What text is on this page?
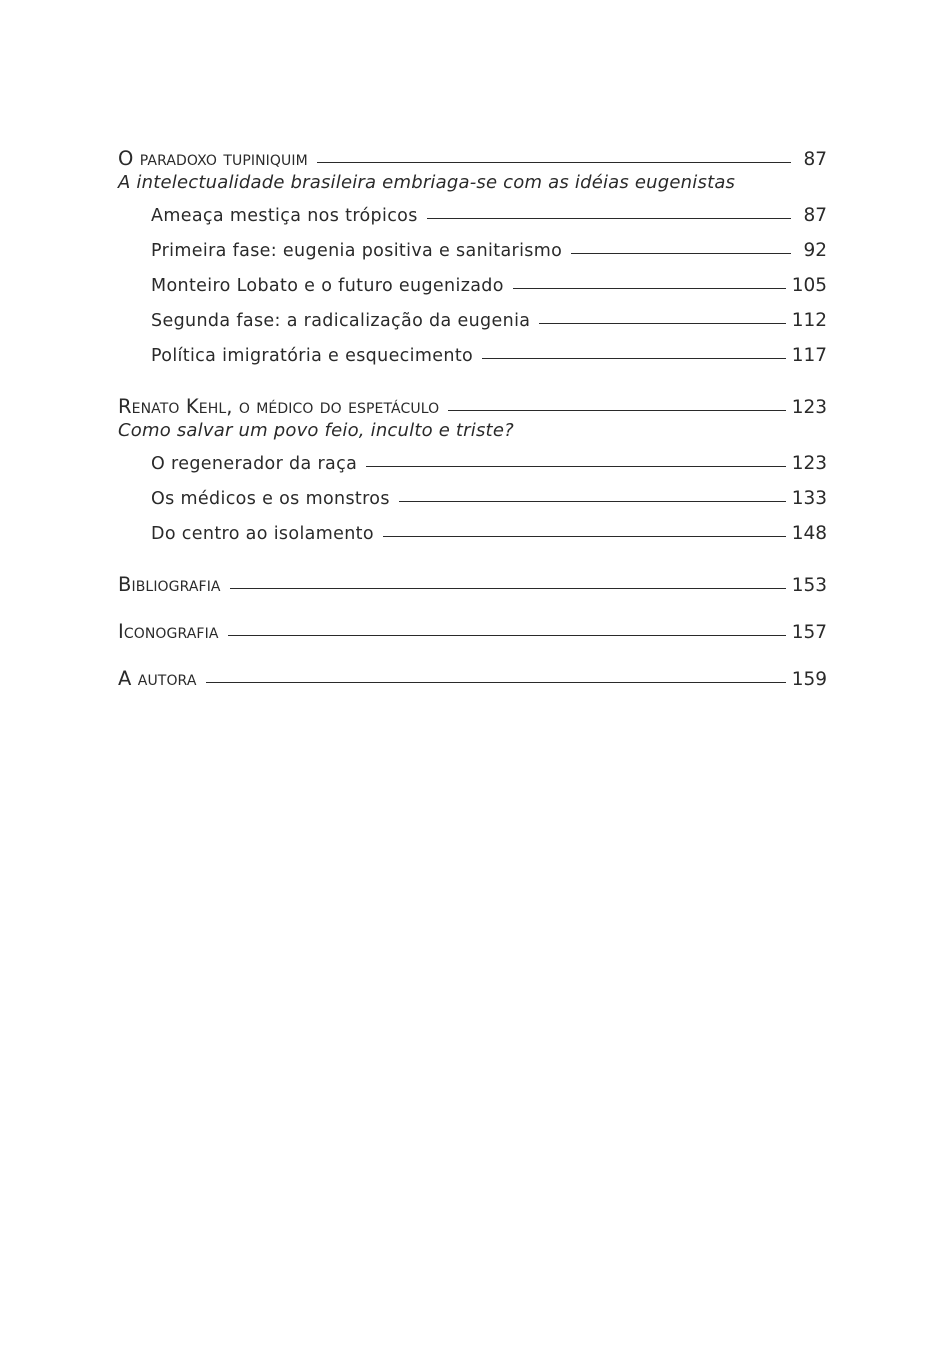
O paradoxo tupiniquim	87
A intelectualidade brasileira embriaga-se com as idéias eugenistas
Ameaça mestiça nos trópicos	87
Primeira fase: eugenia positiva e sanitarismo	92
Monteiro Lobato e o futuro eugenizado	105
Segunda fase: a radicalização da eugenia	112
Política imigratória e esquecimento	117
Renato Kehl, o médico do espetáculo	123
Como salvar um povo feio, inculto e triste?
O regenerador da raça	123
Os médicos e os monstros	133
Do centro ao isolamento	148
Bibliografia	153
Iconografia	157
A autora	159
